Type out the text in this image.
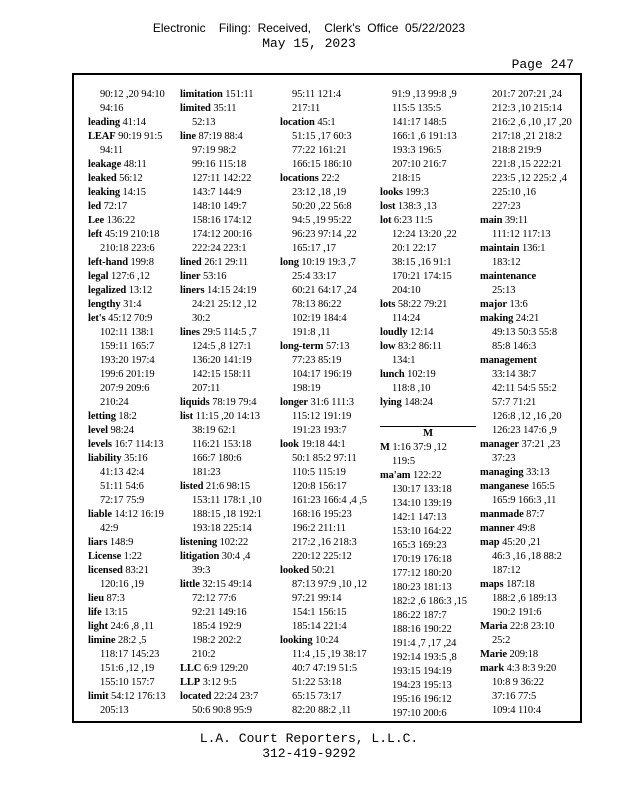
Electronic    Filing:  Received,    Clerk's  Office  05/22/2023
May 15, 2023
Page 247
90:12 ,20 94:10
94:16
leading 41:14
LEAF 90:19 91:5
94:11
leakage 48:11
leaked 56:12
leaking 14:15
led 72:17
Lee 136:22
left 45:19 210:18
210:18 223:6
left-hand 199:8
legal 127:6 ,12
legalized 13:12
lengthy 31:4
let's 45:12 70:9
102:11 138:1
159:11 165:7
193:20 197:4
199:6 201:19
207:9 209:6
210:24
letting 18:2
level 98:24
levels 16:7 114:13
liability 35:16
41:13 42:4
51:11 54:6
72:17 75:9
liable 14:12 16:19
42:9
liars 148:9
License 1:22
licensed 83:21
120:16 ,19
lieu 87:3
life 13:15
light 24:6 ,8 ,11
limine 28:2 ,5
118:17 145:23
151:6 ,12 ,19
155:10 157:7
limit 54:12 176:13
205:13
limitation 151:11
limited 35:11
52:13
line 87:19 88:4
97:19 98:2
99:16 115:18
127:11 142:22
143:7 144:9
148:10 149:7
158:16 174:12
174:12 200:16
222:24 223:1
lined 26:1 29:11
liner 53:16
liners 14:15 24:19
24:21 25:12 ,12
30:2
lines 29:5 114:5 ,7
124:5 ,8 127:1
136:20 141:19
142:15 158:11
207:11
liquids 78:19 79:4
list 11:15 ,20 14:13
38:19 62:1
116:21 153:18
166:7 180:6
181:23
listed 21:6 98:15
153:11 178:1 ,10
188:15 ,18 192:1
193:18 225:14
listening 102:22
litigation 30:4 ,4
39:3
little 32:15 49:14
72:12 77:6
92:21 149:16
185:4 192:9
198:2 202:2
210:2
LLC 6:9 129:20
LLP 3:12 9:5
located 22:24 23:7
50:6 90:8 95:9
95:11 121:4
217:11
location 45:1
51:15 ,17 60:3
77:22 161:21
166:15 186:10
locations 22:2
23:12 ,18 ,19
50:20 ,22 56:8
94:5 ,19 95:22
96:23 97:14 ,22
165:17 ,17
long 10:19 19:3 ,7
25:4 33:17
60:21 64:17 ,24
78:13 86:22
102:19 184:4
191:8 ,11
long-term 57:13
77:23 85:19
104:17 196:19
198:19
longer 31:6 111:3
115:12 191:19
191:23 193:7
look 19:18 44:1
50:1 85:2 97:11
110:5 115:19
120:8 156:17
161:23 166:4 ,4 ,5
168:16 195:23
196:2 211:11
217:2 ,16 218:3
220:12 225:12
looked 50:21
87:13 97:9 ,10 ,12
97:21 99:14
154:1 156:15
185:14 221:4
looking 10:24
11:4 ,15 ,19 38:17
40:7 47:19 51:5
51:22 53:18
65:15 73:17
82:20 88:2 ,11
91:9 ,13 99:8 ,9
115:5 135:5
141:17 148:5
166:1 ,6 191:13
193:3 196:5
207:10 216:7
218:15
looks 199:3
lost 138:3 ,13
lot 6:23 11:5
12:24 13:20 ,22
20:1 22:17
38:15 ,16 91:1
170:21 174:15
204:10
lots 58:22 79:21
114:24
loudly 12:14
low 83:2 86:11
134:1
lunch 102:19
118:8 ,10
lying 148:24
M
M 1:16 37:9 ,12
119:5
ma'am 122:22
130:17 133:18
134:10 139:19
142:1 147:13
153:10 164:22
165:3 169:23
170:19 176:18
177:12 180:20
180:23 181:13
182:2 ,6 186:3 ,15
186:22 187:7
188:16 190:22
191:4 ,7 ,17 ,24
192:14 193:5 ,8
193:15 194:19
194:23 195:13
195:16 196:12
197:10 200:6
201:7 207:21 ,24
212:3 ,10 215:14
216:2 ,6 ,10 ,17 ,20
217:18 ,21 218:2
218:8 219:9
221:8 ,15 222:21
223:5 ,12 225:2 ,4
225:10 ,16
227:23
main 39:11
111:12 117:13
maintain 136:1
183:12
maintenance
25:13
major 13:6
making 24:21
49:13 50:3 55:8
85:8 146:3
management
33:14 38:7
42:11 54:5 55:2
57:7 71:21
126:8 ,12 ,16 ,20
126:23 147:6 ,9
manager 37:21 ,23
37:23
managing 33:13
manganese 165:5
165:9 166:3 ,11
manmade 87:7
manner 49:8
map 45:20 ,21
46:3 ,16 ,18 88:2
187:12
maps 187:18
188:2 ,6 189:13
190:2 191:6
Maria 22:8 23:10
25:2
Marie 209:18
mark 4:3 8:3 9:20
10:8 9 36:22
37:16 77:5
109:4 110:4
L.A. Court Reporters, L.L.C.
312-419-9292
